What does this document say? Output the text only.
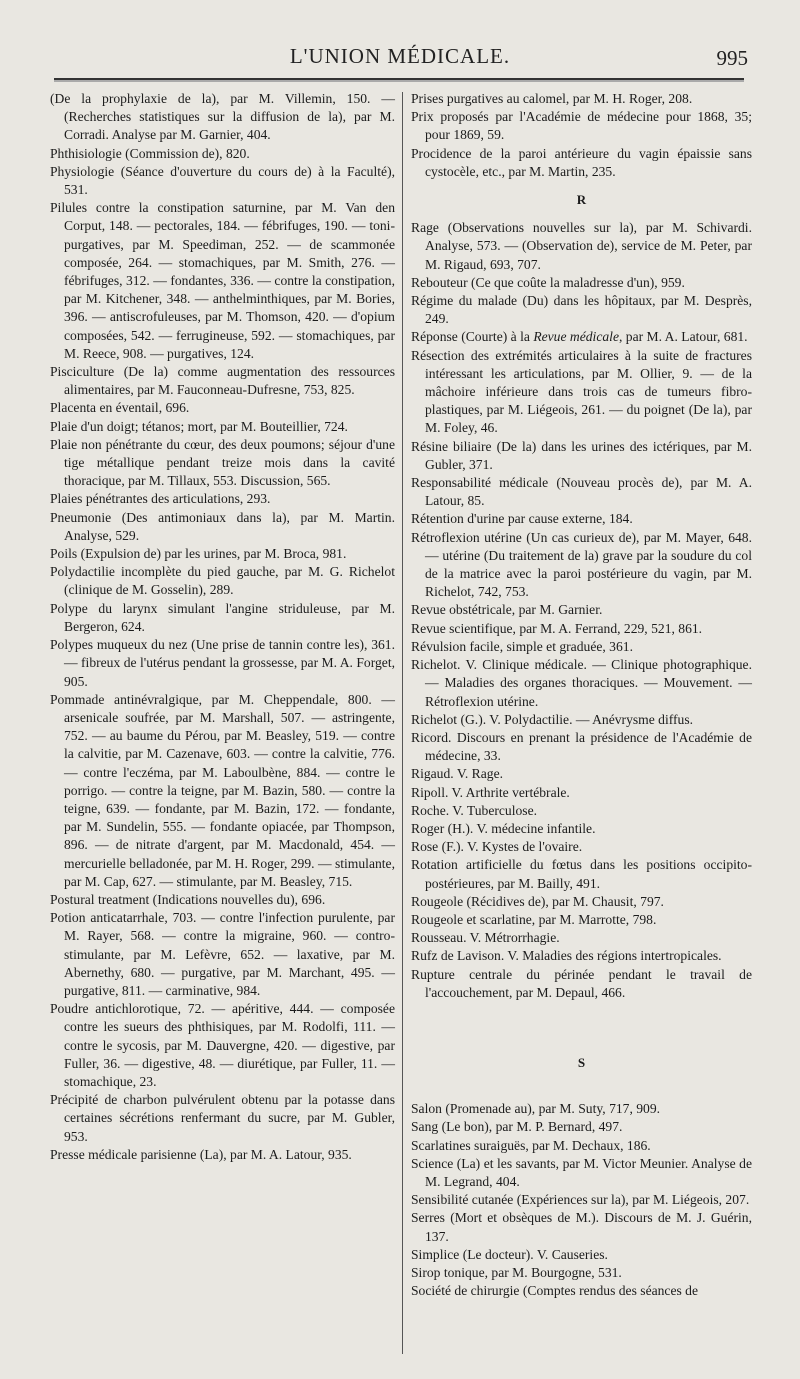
L'UNION MÉDICALE.	995

(De la prophylaxie de la), par M. Villemin, 150. — (Recherches statistiques sur la diffusion de la), par M. Corradi. Analyse par M. Garnier, 404.

Phthisiologie (Commission de), 820.

Physiologie (Séance d'ouverture du cours de) à la Faculté), 531.

Pilules contre la constipation saturnine, par M. Van den Corput, 148. — pectorales, 184. — fébrifuges, 190. — toni-purgatives, par M. Speediman, 252. — de scammonée composée, 264. — stomachiques, par M. Smith, 276. — fébrifuges, 312. — fondantes, 336. — contre la constipation, par M. Kitchener, 348. — anthelminthiques, par M. Bories, 396. — antiscrofuleuses, par M. Thomson, 420. — d'opium composées, 542. — ferrugineuse, 592. — stomachiques, par M. Reece, 908. — purgatives, 124.

Pisciculture (De la) comme augmentation des ressources alimentaires, par M. Fauconneau-Dufresne, 753, 825.

Placenta en éventail, 696.

Plaie d'un doigt; tétanos; mort, par M. Bouteillier, 724.

Plaie non pénétrante du cœur, des deux poumons; séjour d'une tige métallique pendant treize mois dans la cavité thoracique, par M. Tillaux, 553. Discussion, 565.

Plaies pénétrantes des articulations, 293.

Pneumonie (Des antimoniaux dans la), par M. Martin. Analyse, 529.

Poils (Expulsion de) par les urines, par M. Broca, 981.

Polydactilie incomplète du pied gauche, par M. G. Richelot (clinique de M. Gosselin), 289.

Polype du larynx simulant l'angine striduleuse, par M. Bergeron, 624.

Polypes muqueux du nez (Une prise de tannin contre les), 361. — fibreux de l'utérus pendant la grossesse, par M. A. Forget, 905.

Pommade antinévralgique, par M. Cheppendale, 800. — arsenicale soufrée, par M. Marshall, 507. — astringente, 752. — au baume du Pérou, par M. Beasley, 519. — contre la calvitie, par M. Cazenave, 603. — contre la calvitie, 776. — contre l'eczéma, par M. Laboulbène, 884. — contre le porrigo. — contre la teigne, par M. Bazin, 580. — contre la teigne, 639. — fondante, par M. Bazin, 172. — fondante, par M. Sundelin, 555. — fondante opiacée, par Thompson, 896. — de nitrate d'argent, par M. Macdonald, 454. — mercurielle belladonée, par M. H. Roger, 299. — stimulante, par M. Cap, 627. — stimulante, par M. Beasley, 715.

Postural treatment (Indications nouvelles du), 696.

Potion anticatarrhale, 703. — contre l'infection purulente, par M. Rayer, 568. — contre la migraine, 960. — contro-stimulante, par M. Lefèvre, 652. — laxative, par M. Abernethy, 680. — purgative, par M. Marchant, 495. — purgative, 811. — carminative, 984.

Poudre antichlorotique, 72. — apéritive, 444. — composée contre les sueurs des phthisiques, par M. Rodolfi, 111. — contre le sycosis, par M. Dauvergne, 420. — digestive, par Fuller, 36. — digestive, 48. — diurétique, par Fuller, 11. — stomachique, 23.

Précipité de charbon pulvérulent obtenu par la potasse dans certaines sécrétions renfermant du sucre, par M. Gubler, 953.

Presse médicale parisienne (La), par M. A. Latour, 935.

Prises purgatives au calomel, par M. H. Roger, 208.

Prix proposés par l'Académie de médecine pour 1868, 35; pour 1869, 59.

Procidence de la paroi antérieure du vagin épaissie sans cystocèle, etc., par M. Martin, 235.

R

Rage (Observations nouvelles sur la), par M. Schivardi. Analyse, 573. — (Observation de), service de M. Peter, par M. Rigaud, 693, 707.

Rebouteur (Ce que coûte la maladresse d'un), 959.

Régime du malade (Du) dans les hôpitaux, par M. Desprès, 249.

Réponse (Courte) à la Revue médicale, par M. A. Latour, 681.

Résection des extrémités articulaires à la suite de fractures intéressant les articulations, par M. Ollier, 9. — de la mâchoire inférieure dans trois cas de tumeurs fibro-plastiques, par M. Liégeois, 261. — du poignet (De la), par M. Foley, 46.

Résine biliaire (De la) dans les urines des ictériques, par M. Gubler, 371.

Responsabilité médicale (Nouveau procès de), par M. A. Latour, 85.

Rétention d'urine par cause externe, 184.

Rétroflexion utérine (Un cas curieux de), par M. Mayer, 648. — utérine (Du traitement de la) grave par la soudure du col de la matrice avec la paroi postérieure du vagin, par M. Richelot, 742, 753.

Revue obstétricale, par M. Garnier.

Revue scientifique, par M. A. Ferrand, 229, 521, 861.

Révulsion facile, simple et graduée, 361.

Richelot. V. Clinique médicale. — Clinique photographique. — Maladies des organes thoraciques. — Mouvement. — Rétroflexion utérine.

Richelot (G.). V. Polydactilie. — Anévrysme diffus.

Ricord. Discours en prenant la présidence de l'Académie de médecine, 33.

Rigaud. V. Rage.

Ripoll. V. Arthrite vertébrale.

Roche. V. Tuberculose.

Roger (H.). V. médecine infantile.

Rose (F.). V. Kystes de l'ovaire.

Rotation artificielle du fœtus dans les positions occipito-postérieures, par M. Bailly, 491.

Rougeole (Récidives de), par M. Chausit, 797.

Rougeole et scarlatine, par M. Marrotte, 798.

Rousseau. V. Métrorrhagie.

Rufz de Lavison. V. Maladies des régions intertropicales.

Rupture centrale du périnée pendant le travail de l'accouchement, par M. Depaul, 466.

S

Salon (Promenade au), par M. Suty, 717, 909.

Sang (Le bon), par M. P. Bernard, 497.

Scarlatines suraiguës, par M. Dechaux, 186.

Science (La) et les savants, par M. Victor Meunier. Analyse de M. Legrand, 404.

Sensibilité cutanée (Expériences sur la), par M. Liégeois, 207.

Serres (Mort et obsèques de M.). Discours de M. J. Guérin, 137.

Simplice (Le docteur). V. Causeries.

Sirop tonique, par M. Bourgogne, 531.

Société de chirurgie (Comptes rendus des séances de
